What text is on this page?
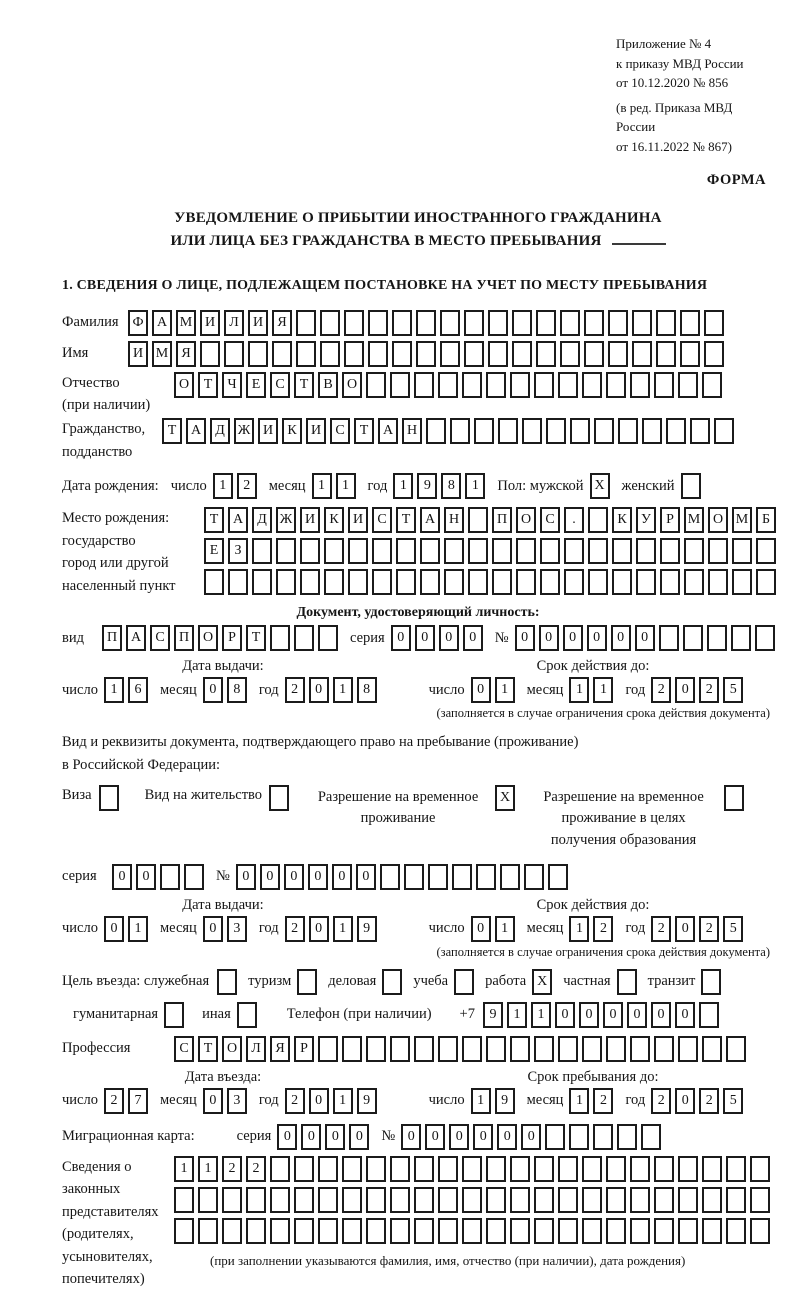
Приложение № 4
к приказу МВД России
от 10.12.2020 № 856
(в ред. Приказа МВД России
от 16.11.2022 № 867)
ФОРМА
УВЕДОМЛЕНИЕ О ПРИБЫТИИ ИНОСТРАННОГО ГРАЖДАНИНА
ИЛИ ЛИЦА БЕЗ ГРАЖДАНСТВА В МЕСТО ПРЕБЫВАНИЯ
1. СВЕДЕНИЯ О ЛИЦЕ, ПОДЛЕЖАЩЕМ ПОСТАНОВКЕ НА УЧЕТ ПО МЕСТУ ПРЕБЫВАНИЯ
Фамилия Ф А М И	Л	И	Я
Имя	И М Я
Отчество
(при наличии)
О	Т	Ч	Е	С	Т	В	О
Гражданство,
подданство
Т	А	Д Ж И	К	И	С	Т	А Н
Дата рождения: число 1	2	месяц 1	1	год 1	9	8	1	Пол: мужской X	женский
Место рождения:
государство
город или другой
населенный пункт
Т	А	Д Ж И	К	И	С	Т	А Н	П О	С	.	К	У	Р М О М Б
Е	З
Документ, удостоверяющий личность:
вид	П А	С	П О	Р	Т	серия 0	0	0	0	№ 0	0	0	0	0	0
Дата выдачи:	Срок действия до:
число 1	6	месяц 0	8	год 2	0	1	8	число 0	1	месяц 1	1	год 2	0	2	5
(заполняется в случае ограничения срока действия документа)
Вид и реквизиты документа, подтверждающего право на пребывание (проживание)
в Российской Федерации:
Виза	Вид на жительство	Разрешение на временное проживание
X	Разрешение на временное проживание в целях получения образования
серия	0	0	№ 0	0	0	0	0	0
Дата выдачи:	Срок действия до:
число 0	1	месяц 0	3	год 2	0	1	9	число 0	1	месяц 1	2	год 2	0	2	5
(заполняется в случае ограничения срока действия документа)
Цель въезда: служебная	туризм	деловая	учеба	работа X	частная	транзит
гуманитарная	иная	Телефон (при наличии) +7	9	1	1	0	0	0	0	0	0
Профессия	С	Т	О	Л	Я	Р
Дата въезда:	Срок пребывания до:
число 2	7	месяц 0	3	год 2	0	1	9	число 1	9	месяц 1	2	год 2	0	2	5
Миграционная карта:	серия 0	0	0	0	№ 0	0	0	0	0	0
Сведения о
законных
представителях
(родителях,
усыновителях,
попечителях)
1	1	2	2
(при заполнении указываются фамилия, имя, отчество (при наличии), дата рождения)
